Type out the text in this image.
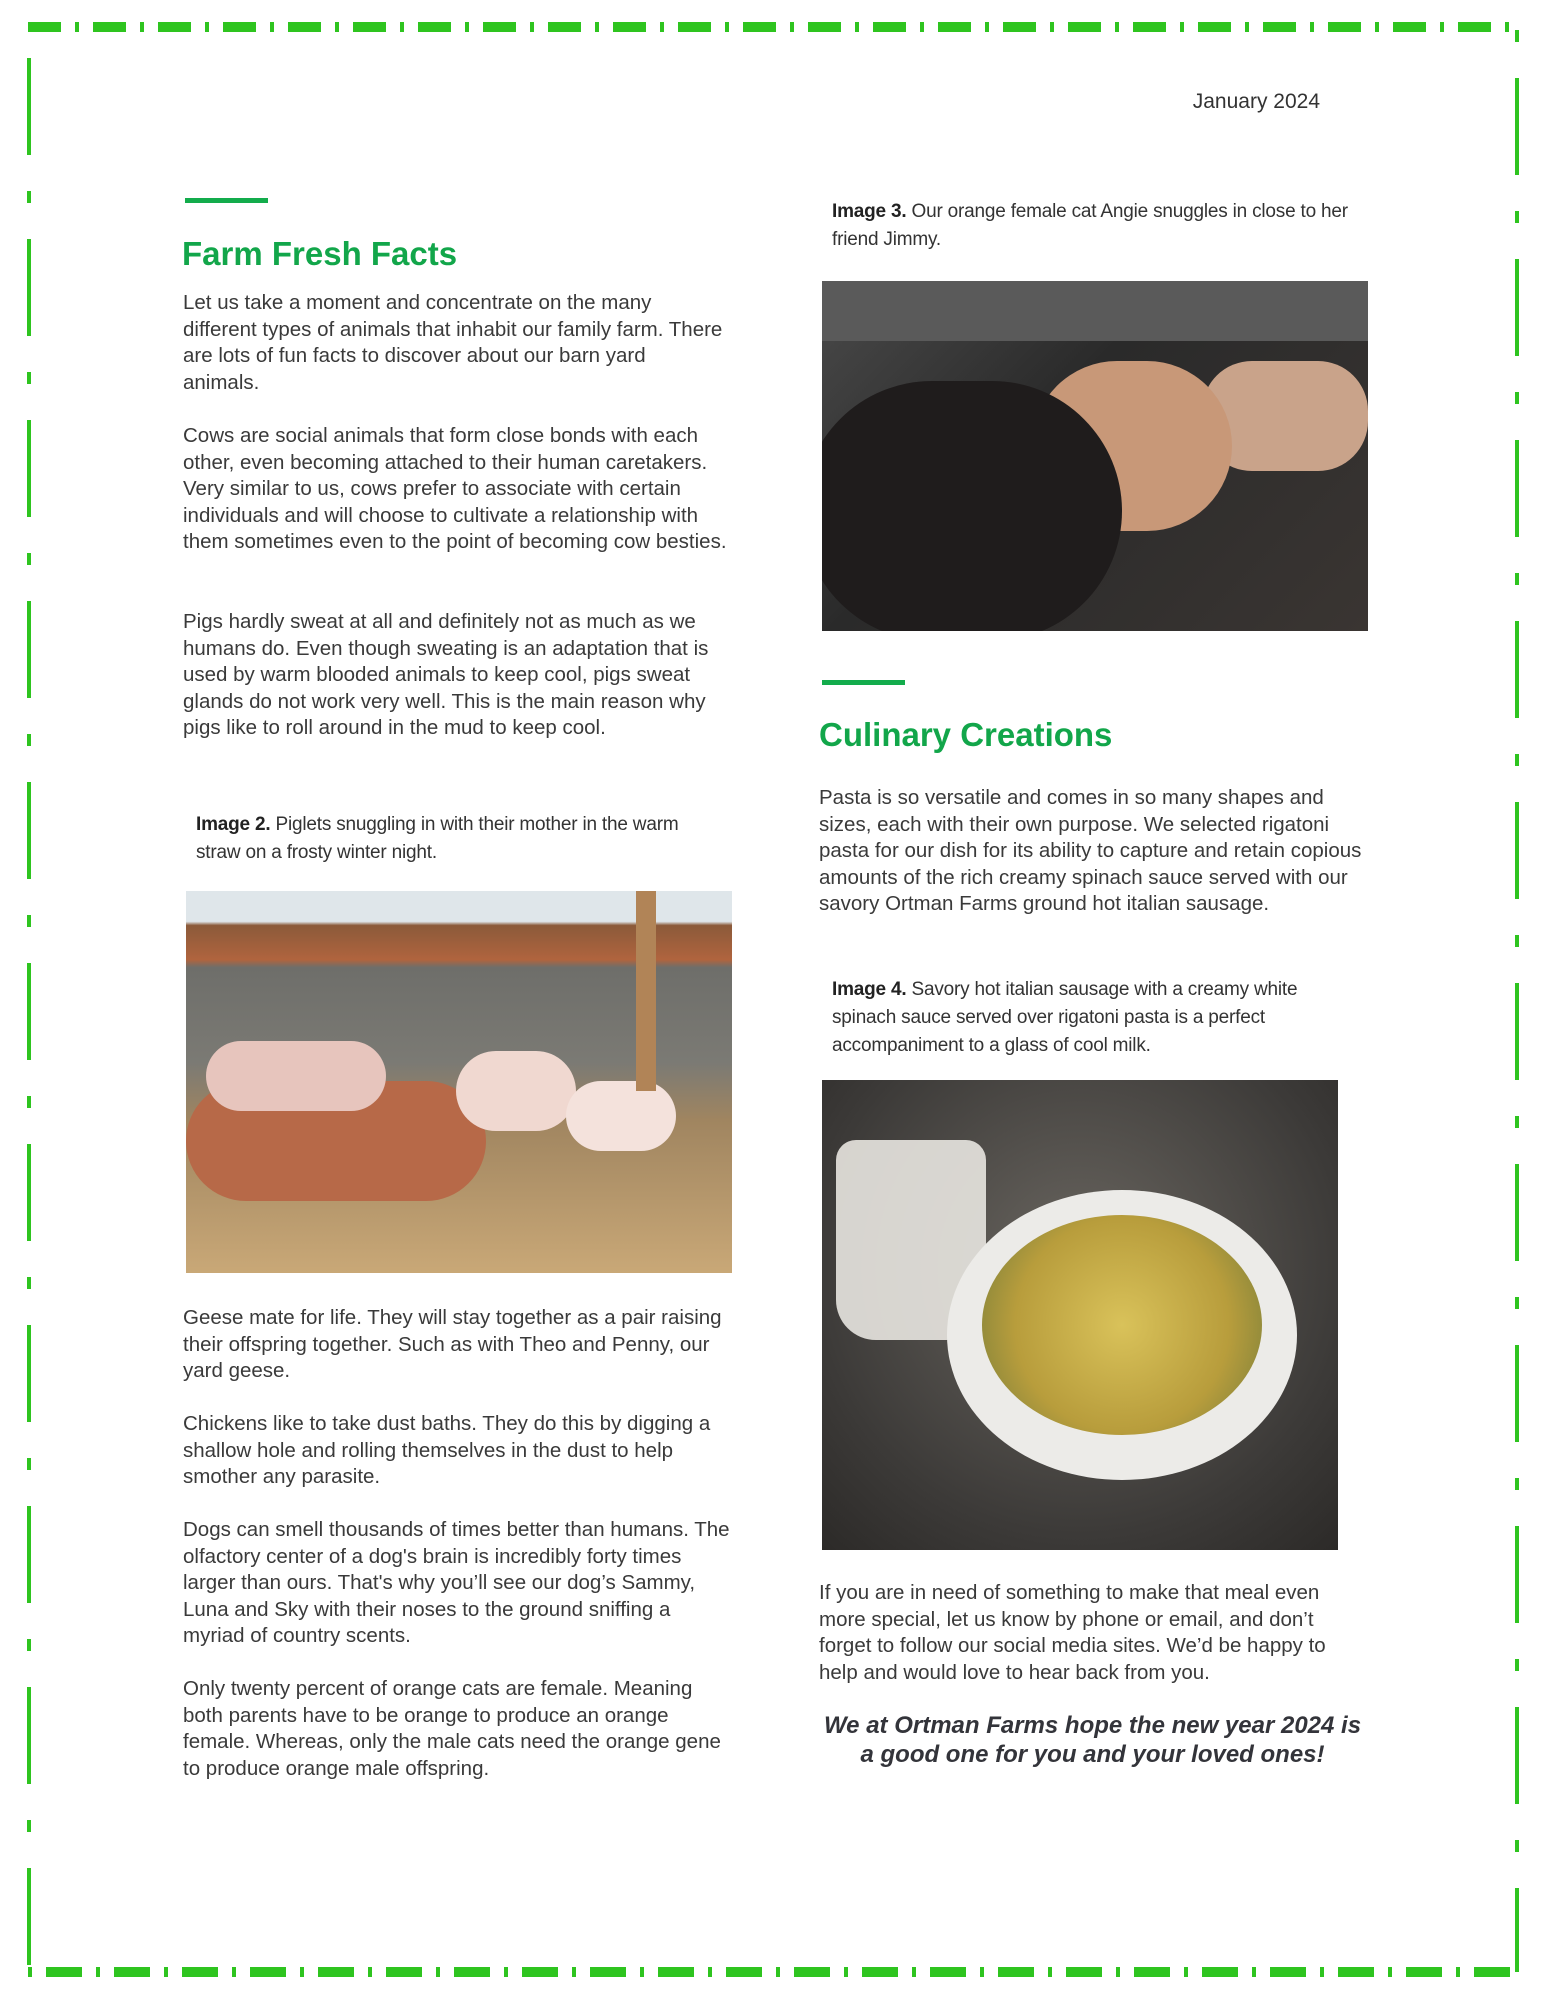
January 2024
Farm Fresh Facts

Let us take a moment and concentrate on the many different types of animals that inhabit our family farm. There are lots of fun facts to discover about our barn yard animals.

Cows are social animals that form close bonds with each other, even becoming attached to their human caretakers. Very similar to us, cows prefer to associate with certain individuals and will choose to cultivate a relationship with them sometimes even to the point of becoming cow besties.

Pigs hardly sweat at all and definitely not as much as we humans do. Even though sweating is an adaptation that is used by warm blooded animals to keep cool, pigs sweat glands do not work very well. This is the main reason why pigs like to roll around in the mud to keep cool.

Image 2. Piglets snuggling in with their mother in the warm straw on a frosty winter night.

Geese mate for life. They will stay together as a pair raising their offspring together. Such as with Theo and Penny, our yard geese.

Chickens like to take dust baths. They do this by digging a shallow hole and rolling themselves in the dust to help smother any parasite.

Dogs can smell thousands of times better than humans. The olfactory center of a dog's brain is incredibly forty times larger than ours. That's why you’ll see our dog’s Sammy, Luna and Sky with their noses to the ground sniffing a myriad of country scents.

Only twenty percent of orange cats are female. Meaning both parents have to be orange to produce an orange female. Whereas, only the male cats need the orange gene to produce orange male offspring.

Image 3. Our orange female cat Angie snuggles in close to her friend Jimmy.

Culinary Creations

Pasta is so versatile and comes in so many shapes and sizes, each with their own purpose. We selected rigatoni pasta for our dish for its ability to capture and retain copious amounts of the rich creamy spinach sauce served with our savory Ortman Farms ground hot italian sausage.

Image 4. Savory hot italian sausage with a creamy white spinach sauce served over rigatoni pasta is a perfect accompaniment to a glass of cool milk.

If you are in need of something to make that meal even more special, let us know by phone or email, and don’t forget to follow our social media sites. We’d be happy to help and would love to hear back from you.

We at Ortman Farms hope the new year 2024 is a good one for you and your loved ones!
